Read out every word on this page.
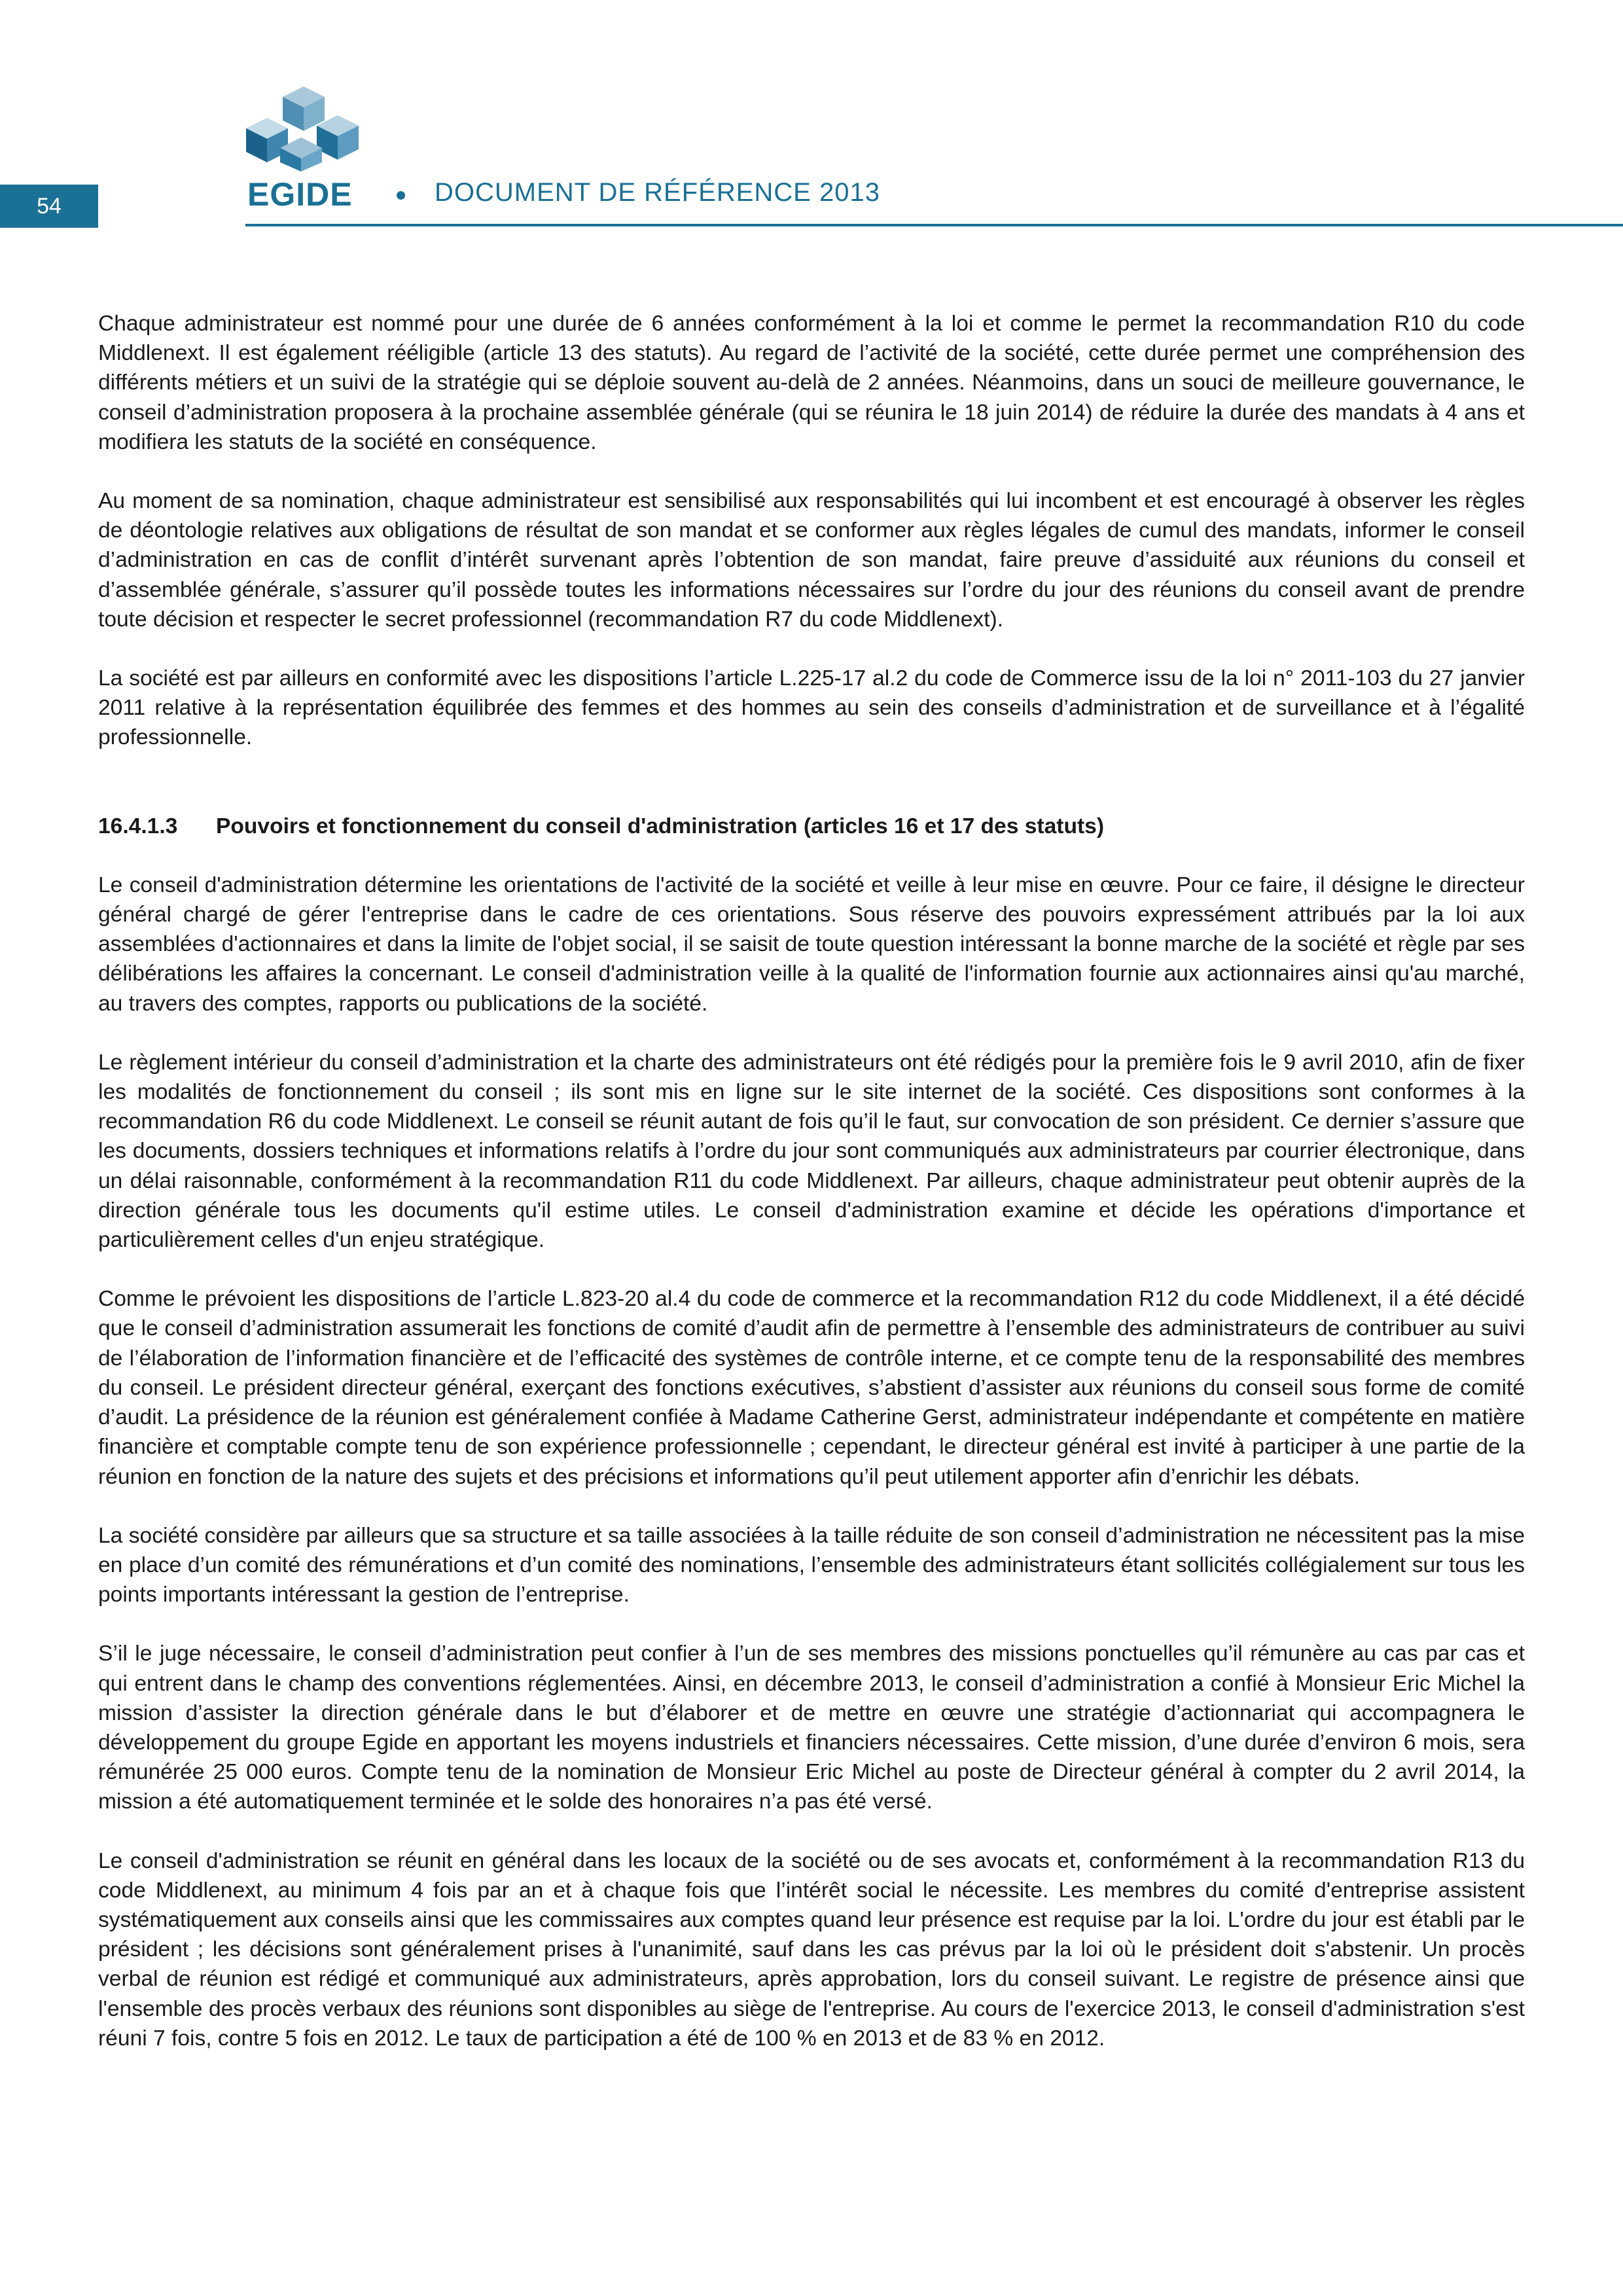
54	EGIDE	DOCUMENT DE RÉFÉRENCE 2013

Chaque administrateur est nommé pour une durée de 6 années conformément à la loi et comme le permet la recommandation R10 du code Middlenext. Il est également rééligible (article 13 des statuts). Au regard de l’activité de la société, cette durée permet une compréhension des différents métiers et un suivi de la stratégie qui se déploie souvent au-delà de 2 années. Néanmoins, dans un souci de meilleure gouvernance, le conseil d’administration proposera à la prochaine assemblée générale (qui se réunira le 18 juin 2014) de réduire la durée des mandats à 4 ans et modifiera les statuts de la société en conséquence.

Au moment de sa nomination, chaque administrateur est sensibilisé aux responsabilités qui lui incombent et est encouragé à observer les règles de déontologie relatives aux obligations de résultat de son mandat et se conformer aux règles légales de cumul des mandats, informer le conseil d’administration en cas de conflit d’intérêt survenant après l’obtention de son mandat, faire preuve d’assiduité aux réunions du conseil et d’assemblée générale, s’assurer qu’il possède toutes les informations nécessaires sur l’ordre du jour des réunions du conseil avant de prendre toute décision et respecter le secret professionnel (recommandation R7 du code Middlenext).

La société est par ailleurs en conformité avec les dispositions l’article L.225-17 al.2 du code de Commerce issu de la loi n° 2011-103 du 27 janvier 2011 relative à la représentation équilibrée des femmes et des hommes au sein des conseils d’administration et de surveillance et à l’égalité professionnelle.

16.4.1.3 Pouvoirs et fonctionnement du conseil d'administration (articles 16 et 17 des statuts)

Le conseil d'administration détermine les orientations de l'activité de la société et veille à leur mise en œuvre. Pour ce faire, il désigne le directeur général chargé de gérer l'entreprise dans le cadre de ces orientations. Sous réserve des pouvoirs expressément attribués par la loi aux assemblées d'actionnaires et dans la limite de l'objet social, il se saisit de toute question intéressant la bonne marche de la société et règle par ses délibérations les affaires la concernant. Le conseil d'administration veille à la qualité de l'information fournie aux actionnaires ainsi qu'au marché, au travers des comptes, rapports ou publications de la société.

Le règlement intérieur du conseil d’administration et la charte des administrateurs ont été rédigés pour la première fois le 9 avril 2010, afin de fixer les modalités de fonctionnement du conseil ; ils sont mis en ligne sur le site internet de la société. Ces dispositions sont conformes à la recommandation R6 du code Middlenext. Le conseil se réunit autant de fois qu’il le faut, sur convocation de son président. Ce dernier s’assure que les documents, dossiers techniques et informations relatifs à l’ordre du jour sont communiqués aux administrateurs par courrier électronique, dans un délai raisonnable, conformément à la recommandation R11 du code Middlenext. Par ailleurs, chaque administrateur peut obtenir auprès de la direction générale tous les documents qu'il estime utiles. Le conseil d'administration examine et décide les opérations d'importance et particulièrement celles d'un enjeu stratégique.

Comme le prévoient les dispositions de l’article L.823-20 al.4 du code de commerce et la recommandation R12 du code Middlenext, il a été décidé que le conseil d’administration assumerait les fonctions de comité d’audit afin de permettre à l’ensemble des administrateurs de contribuer au suivi de l’élaboration de l’information financière et de l’efficacité des systèmes de contrôle interne, et ce compte tenu de la responsabilité des membres du conseil. Le président directeur général, exerçant des fonctions exécutives, s’abstient d’assister aux réunions du conseil sous forme de comité d’audit. La présidence de la réunion est généralement confiée à Madame Catherine Gerst, administrateur indépendante et compétente en matière financière et comptable compte tenu de son expérience professionnelle ; cependant, le directeur général est invité à participer à une partie de la réunion en fonction de la nature des sujets et des précisions et informations qu’il peut utilement apporter afin d’enrichir les débats.

La société considère par ailleurs que sa structure et sa taille associées à la taille réduite de son conseil d’administration ne nécessitent pas la mise en place d’un comité des rémunérations et d’un comité des nominations, l’ensemble des administrateurs étant sollicités collégialement sur tous les points importants intéressant la gestion de l’entreprise.

S’il le juge nécessaire, le conseil d’administration peut confier à l’un de ses membres des missions ponctuelles qu’il rémunère au cas par cas et qui entrent dans le champ des conventions réglementées. Ainsi, en décembre 2013, le conseil d’administration a confié à Monsieur Eric Michel la mission d’assister la direction générale dans le but d’élaborer et de mettre en œuvre une stratégie d’actionnariat qui accompagnera le développement du groupe Egide en apportant les moyens industriels et financiers nécessaires. Cette mission, d’une durée d’environ 6 mois, sera rémunérée 25 000 euros. Compte tenu de la nomination de Monsieur Eric Michel au poste de Directeur général à compter du 2 avril 2014, la mission a été automatiquement terminée et le solde des honoraires n’a pas été versé.

Le conseil d'administration se réunit en général dans les locaux de la société ou de ses avocats et, conformément à la recommandation R13 du code Middlenext, au minimum 4 fois par an et à chaque fois que l’intérêt social le nécessite. Les membres du comité d'entreprise assistent systématiquement aux conseils ainsi que les commissaires aux comptes quand leur présence est requise par la loi. L'ordre du jour est établi par le président ; les décisions sont généralement prises à l'unanimité, sauf dans les cas prévus par la loi où le président doit s'abstenir. Un procès verbal de réunion est rédigé et communiqué aux administrateurs, après approbation, lors du conseil suivant. Le registre de présence ainsi que l'ensemble des procès verbaux des réunions sont disponibles au siège de l'entreprise. Au cours de l'exercice 2013, le conseil d'administration s'est réuni 7 fois, contre 5 fois en 2012. Le taux de participation a été de 100 % en 2013 et de 83 % en 2012.
